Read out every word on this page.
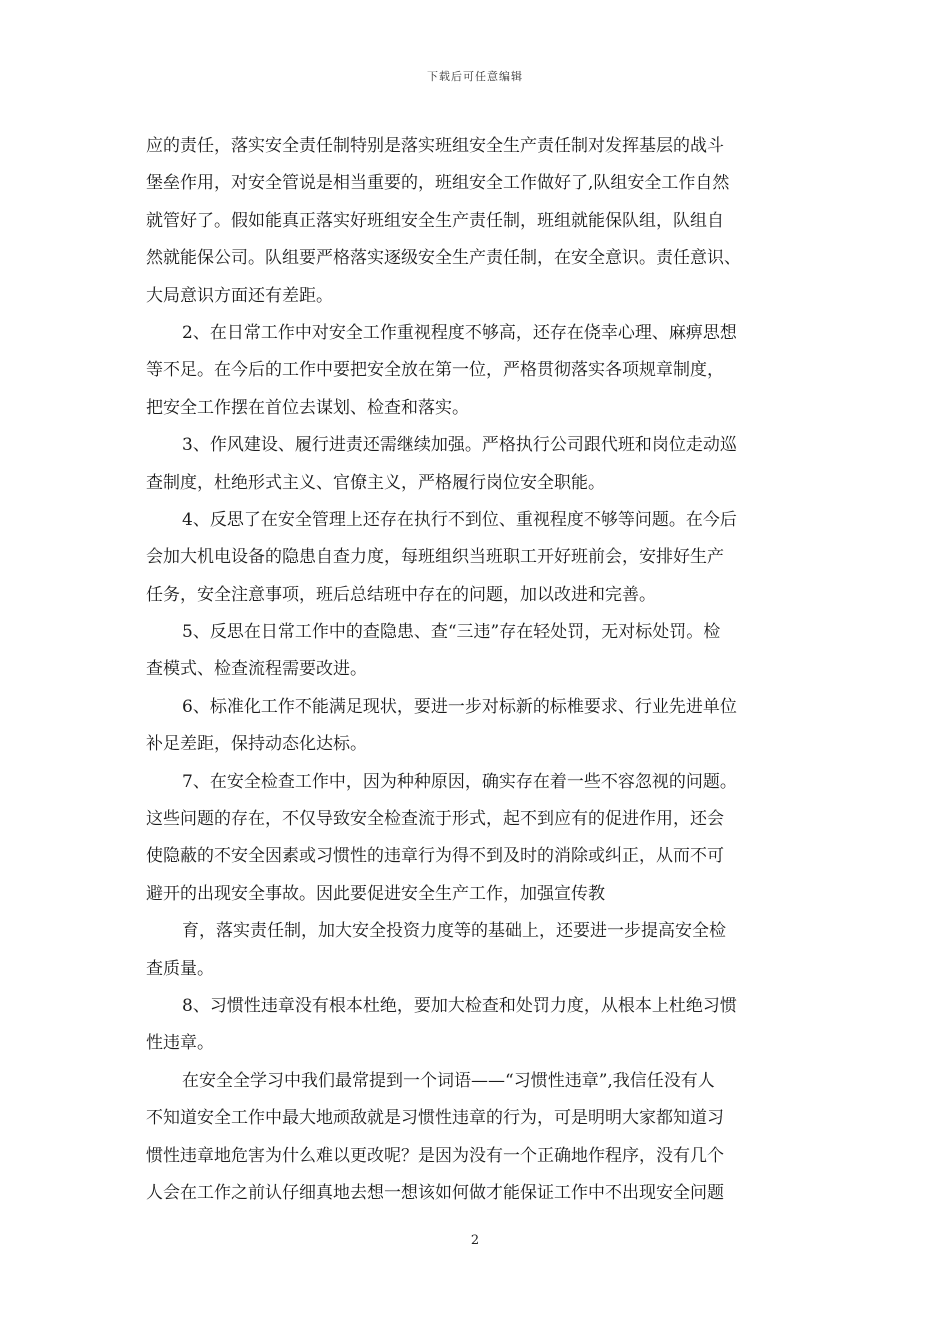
下载后可任意编辑
应的责任，落实安全责任制特别是落实班组安全生产责任制对发挥基层的战斗
堡垒作用，对安全管说是相当重要的，班组安全工作做好了,队组安全工作自然
就管好了。假如能真正落实好班组安全生产责任制，班组就能保队组，队组自
然就能保公司。队组要严格落实逐级安全生产责任制，在安全意识。责任意识、
大局意识方面还有差距。
2、在日常工作中对安全工作重视程度不够高，还存在侥幸心理、麻痹思想
等不足。在今后的工作中要把安全放在第一位，严格贯彻落实各项规章制度，
把安全工作摆在首位去谋划、检查和落实。
3、作风建设、履行进责还需继续加强。严格执行公司跟代班和岗位走动巡
查制度，杜绝形式主义、官僚主义，严格履行岗位安全职能。
4、反思了在安全管理上还存在执行不到位、重视程度不够等问题。在今后
会加大机电设备的隐患自查力度，每班组织当班职工开好班前会，安排好生产
任务，安全注意事项，班后总结班中存在的问题，加以改进和完善。
5、反思在日常工作中的查隐患、查“三违”存在轻处罚，无对标处罚。检
查模式、检查流程需要改进。
6、标准化工作不能满足现状，要进一步对标新的标椎要求、行业先进单位
补足差距，保持动态化达标。
7、在安全检查工作中，因为种种原因，确实存在着一些不容忽视的问题。
这些问题的存在，不仅导致安全检查流于形式，起不到应有的促进作用，还会
使隐蔽的不安全因素或习惯性的违章行为得不到及时的消除或纠正，从而不可
避开的出现安全事故。因此要促进安全生产工作，加强宣传教
育，落实责任制，加大安全投资力度等的基础上，还要进一步提高安全检
查质量。
8、习惯性违章没有根本杜绝，要加大检查和处罚力度，从根本上杜绝习惯
性违章。
在安全全学习中我们最常提到一个词语——“习惯性违章”,我信任没有人
不知道安全工作中最大地顽敌就是习惯性违章的行为，可是明明大家都知道习
惯性违章地危害为什么难以更改呢？是因为没有一个正确地作程序，没有几个
人会在工作之前认仔细真地去想一想该如何做才能保证工作中不出现安全问题
2
